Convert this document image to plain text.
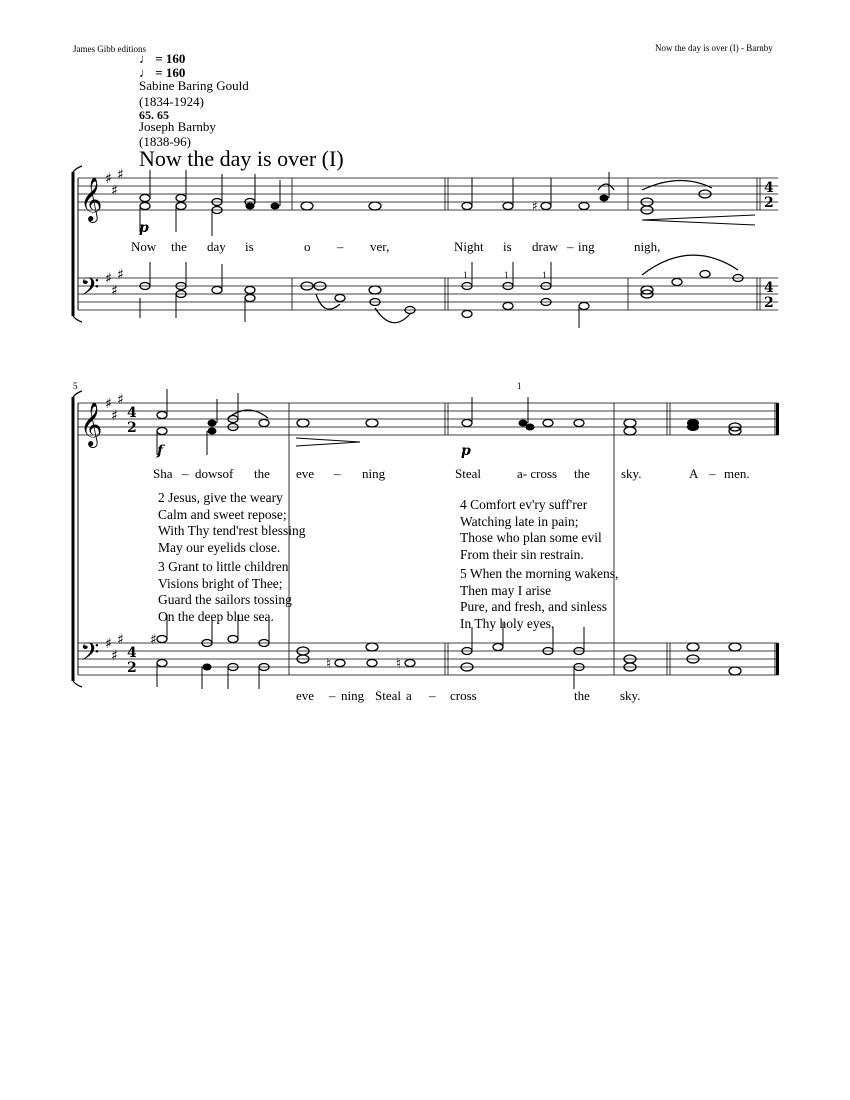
James Gibb editions	Now the day is over (I) - Barnby
♩ = 160
♩ = 160
Sabine Baring Gould
(1834-1924)
65. 65
Joseph Barnby
(1838-96)
Now the day is over (I)
𝄞
𝄢
𝄞
𝄢
♯
♯
♯
♯
♯
♯
♯
♯
♯
♯
♯
♯
4
2
4
2
4
2
4
2
♯
♮	♮
♯
p
f	p
1	1	1
1
5
Now the day is	o – ver,	Night is draw – ing	nigh,
Sha – dowsof the eve – ning	Steal	a- cross the sky.	A – men.
eve – ning Steal a – cross	the sky.
2 Jesus, give the weary
Calm and sweet repose;
With Thy tend'rest blessing
May our eyelids close.
3 Grant to little children
Visions bright of Thee;
Guard the sailors tossing
On the deep blue sea.
4 Comfort ev'ry suff'rer
Watching late in pain;
Those who plan some evil
From their sin restrain.
5 When the morning wakens,
Then may I arise
Pure, and fresh, and sinless
In Thy holy eyes.
